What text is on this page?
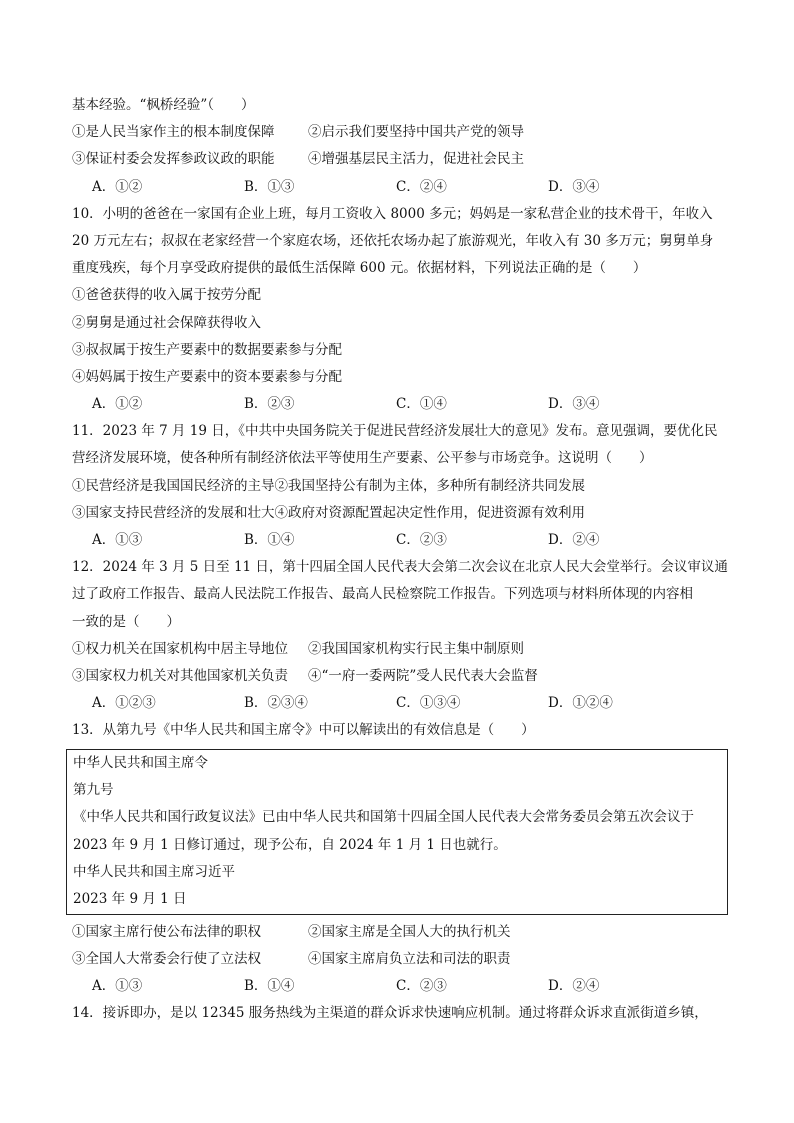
基本经验。“枫桥经验”（　　）
①是人民当家作主的根本制度保障	②启示我们要坚持中国共产党的领导
③保证村委会发挥参政议政的职能	④增强基层民主活力，促进社会民主
A．①②	B．①③	C．②④	D．③④
10．小明的爸爸在一家国有企业上班，每月工资收入 8000 多元；妈妈是一家私营企业的技术骨干，年收入
20 万元左右；叔叔在老家经营一个家庭农场，还依托农场办起了旅游观光，年收入有 30 多万元；舅舅单身
重度残疾，每个月享受政府提供的最低生活保障 600 元。依据材料，下列说法正确的是（　　）
①爸爸获得的收入属于按劳分配
②舅舅是通过社会保障获得收入
③叔叔属于按生产要素中的数据要素参与分配
④妈妈属于按生产要素中的资本要素参与分配
A．①②	B．②③	C．①④	D．③④
11．2023 年 7 月 19 日，《中共中央国务院关于促进民营经济发展壮大的意见》发布。意见强调，要优化民
营经济发展环境，使各种所有制经济依法平等使用生产要素、公平参与市场竞争。这说明（　　）
①民营经济是我国国民经济的主导②我国坚持公有制为主体，多种所有制经济共同发展
③国家支持民营经济的发展和壮大④政府对资源配置起决定性作用，促进资源有效利用
A．①③	B．①④	C．②③	D．②④
12．2024 年 3 月 5 日至 11 日，第十四届全国人民代表大会第二次会议在北京人民大会堂举行。会议审议通
过了政府工作报告、最高人民法院工作报告、最高人民检察院工作报告。下列选项与材料所体现的内容相
一致的是（　　）
①权力机关在国家机构中居主导地位	②我国国家机构实行民主集中制原则
③国家权力机关对其他国家机关负责	④“一府一委两院”受人民代表大会监督
A．①②③	B．②③④	C．①③④	D．①②④
13．从第九号《中华人民共和国主席令》中可以解读出的有效信息是（　　）
中华人民共和国主席令
第九号
《中华人民共和国行政复议法》已由中华人民共和国第十四届全国人民代表大会常务委员会第五次会议于
2023 年 9 月 1 日修订通过，现予公布，自 2024 年 1 月 1 日也就行。
中华人民共和国主席习近平
2023 年 9 月 1 日
①国家主席行使公布法律的职权	②国家主席是全国人大的执行机关
③全国人大常委会行使了立法权	④国家主席肩负立法和司法的职责
A．①③	B．①④	C．②③	D．②④
14．接诉即办，是以 12345 服务热线为主渠道的群众诉求快速响应机制。通过将群众诉求直派街道乡镇，
